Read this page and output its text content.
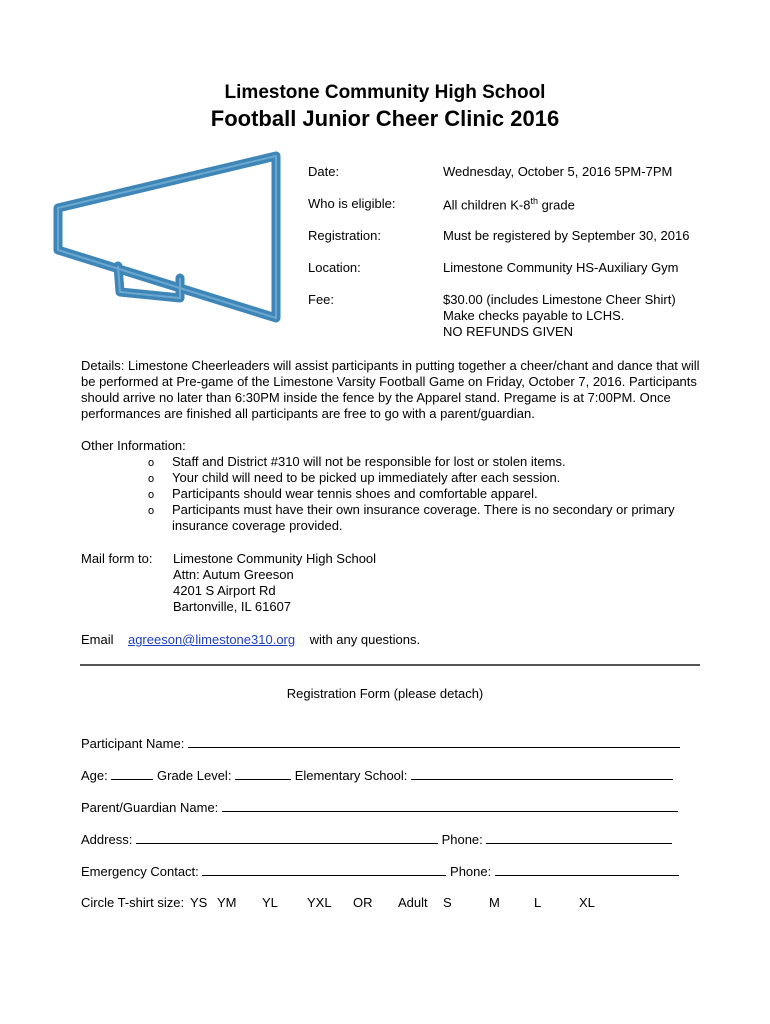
Limestone Community High School
Football Junior Cheer Clinic 2016
Date:	Wednesday, October 5, 2016 5PM-7PM
Who is eligible:	All children K-8th grade
Registration:	Must be registered by September 30, 2016
Location:	Limestone Community HS-Auxiliary Gym
Fee:	$30.00 (includes Limestone Cheer Shirt)
Make checks payable to LCHS.
NO REFUNDS GIVEN
Details: Limestone Cheerleaders will assist participants in putting together a cheer/chant and dance that will be performed at Pre-game of the Limestone Varsity Football Game on Friday, October 7, 2016. Participants should arrive no later than 6:30PM inside the fence by the Apparel stand. Pregame is at 7:00PM. Once performances are finished all participants are free to go with a parent/guardian.
Other Information:
o Staff and District #310 will not be responsible for lost or stolen items.
o Your child will need to be picked up immediately after each session.
o Participants should wear tennis shoes and comfortable apparel.
o Participants must have their own insurance coverage. There is no secondary or primary insurance coverage provided.
Mail form to: Limestone Community High School
Attn: Autum Greeson
4201 S Airport Rd
Bartonville, IL 61607
Email agreeson@limestone310.org with any questions.
Registration Form (please detach)
Participant Name:
Age:	Grade Level:	Elementary School:
Parent/Guardian Name:
Address:	Phone:
Emergency Contact:	Phone:
Circle T-shirt size: YS YM YL YXL OR Adult S	M	L	XL
